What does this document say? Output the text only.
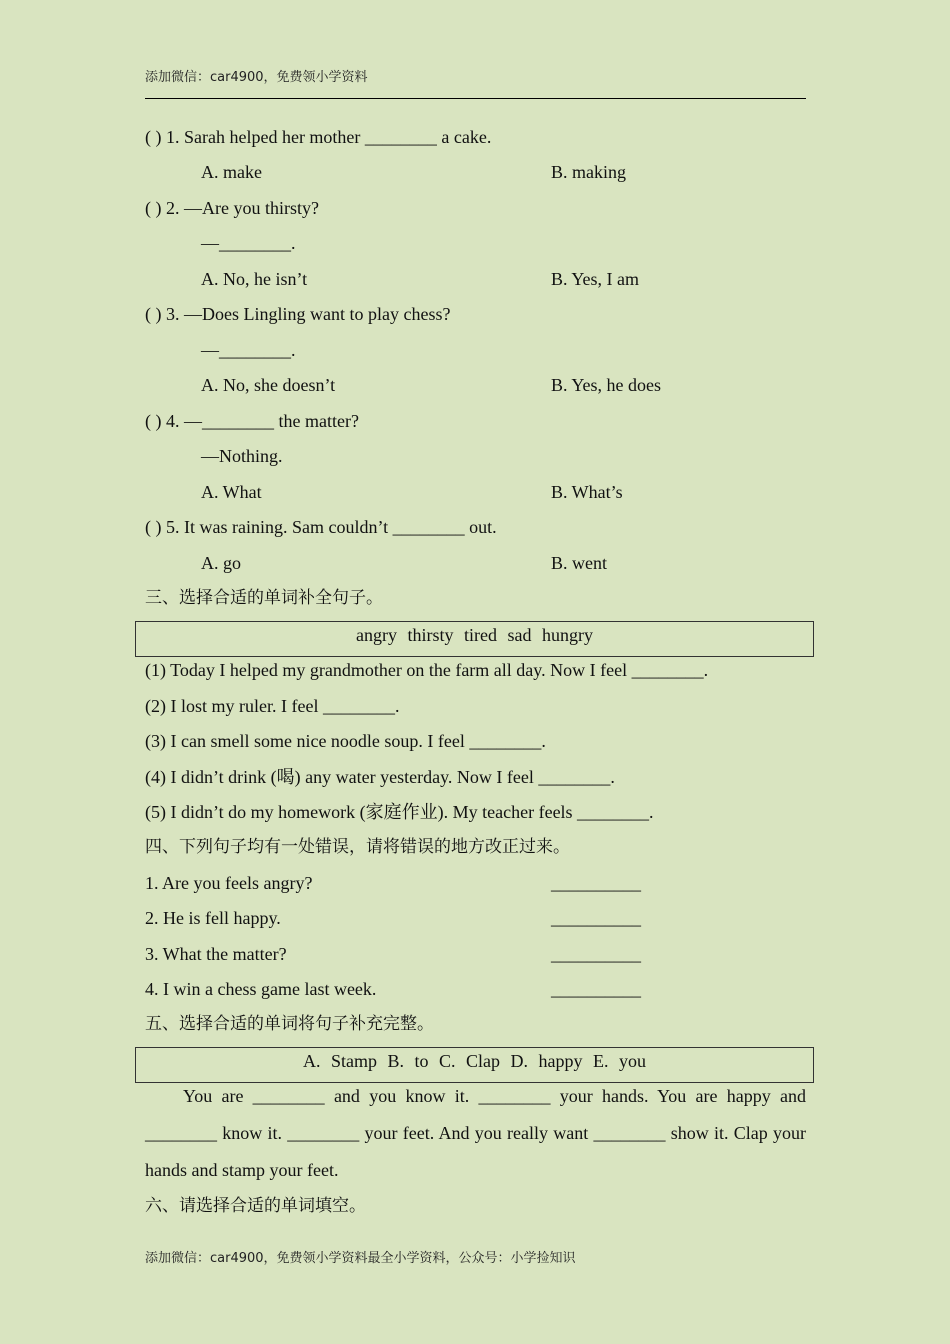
添加微信：car4900，免费领小学资料
( ) 1. Sarah helped her mother ________ a cake.
A. make	B. making
( ) 2. —Are you thirsty?
—________.
A. No, he isn’t	B. Yes, I am
( ) 3. —Does Lingling want to play chess?
—________.
A. No, she doesn’t	B. Yes, he does
( ) 4. —________ the matter?
—Nothing.
A. What	B. What’s
( ) 5. It was raining. Sam couldn’t ________ out.
A. go	B. went
三、选择合适的单词补全句子。
angry thirsty tired sad hungry
(1) Today I helped my grandmother on the farm all day. Now I feel ________.
(2) I lost my ruler. I feel ________.
(3) I can smell some nice noodle soup. I feel ________.
(4) I didn’t drink (喝) any water yesterday. Now I feel ________.
(5) I didn’t do my homework (家庭作业). My teacher feels ________.
四、下列句子均有一处错误，请将错误的地方改正过来。
1. Are you feels angry?	__________
2. He is fell happy.	__________
3. What the matter?	__________
4. I win a chess game last week.	__________
五、选择合适的单词将句子补充完整。
A. Stamp B. to C. Clap D. happy E. you
You are ________ and you know it. ________ your hands. You are happy and ________ know it. ________ your feet. And you really want ________ show it. Clap your hands and stamp your feet.
六、请选择合适的单词填空。
添加微信：car4900，免费领小学资料最全小学资料，公众号：小学捡知识
